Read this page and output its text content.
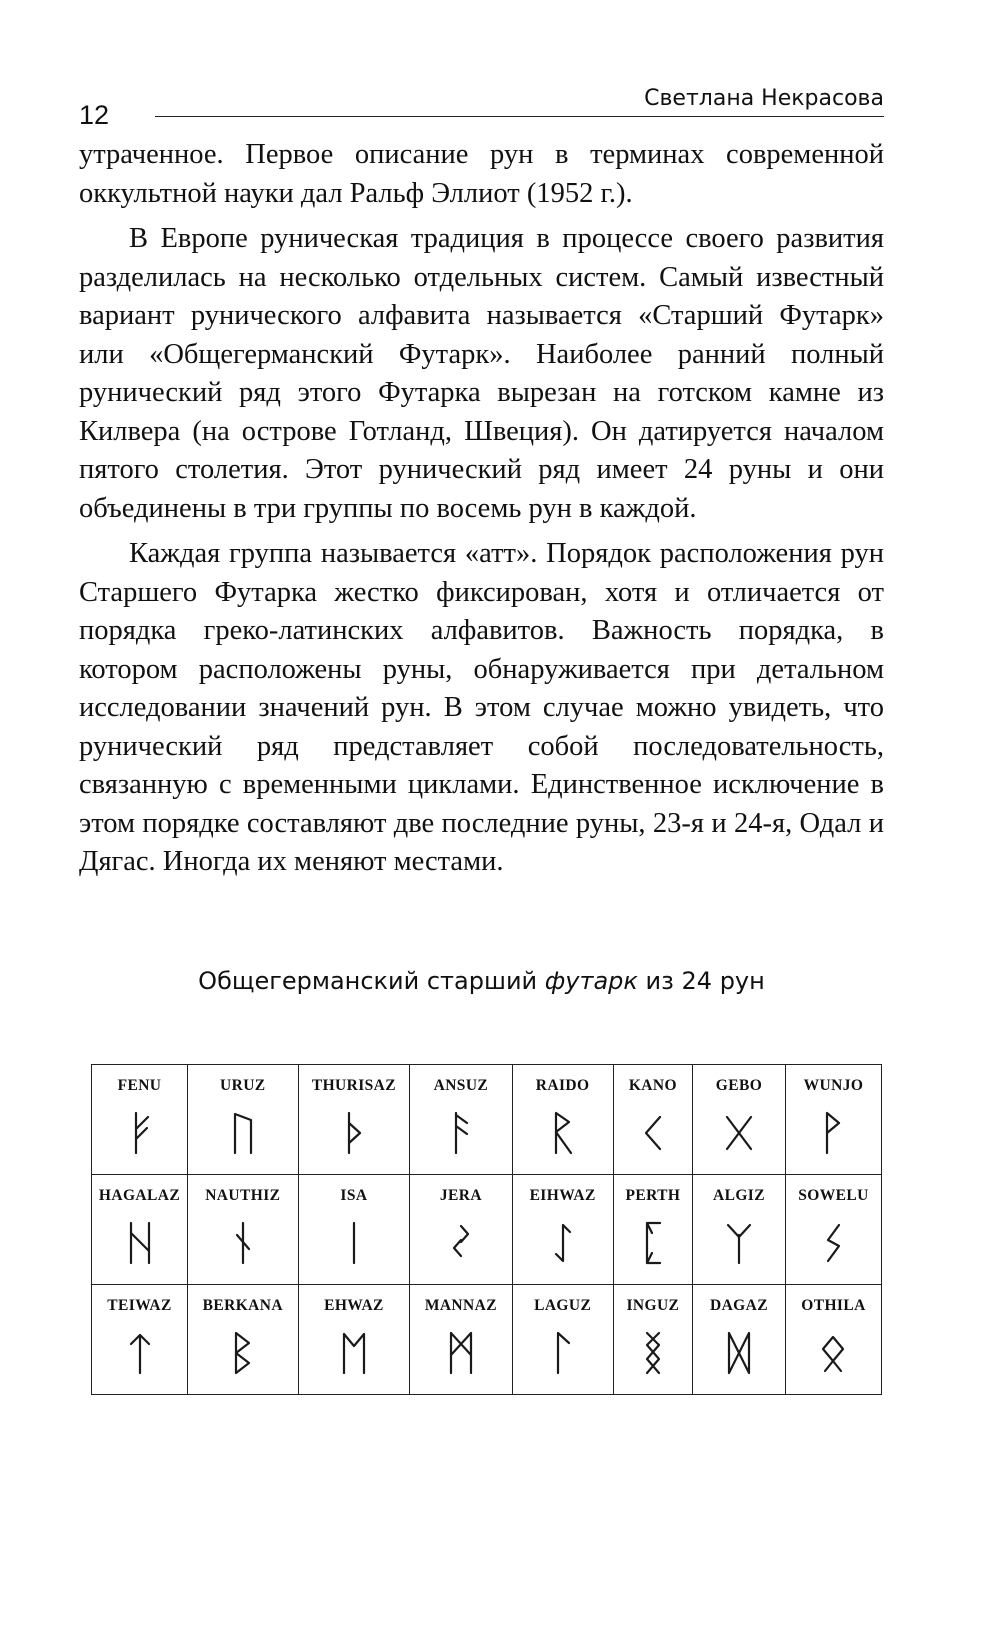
12
Светлана Некрасова

утраченное. Первое описание рун в терминах современной оккультной науки дал Ральф Эллиот (1952 г.).

В Европе руническая традиция в процессе своего развития разделилась на несколько отдельных систем. Самый известный вариант рунического алфавита называется «Старший Футарк» или «Общегерманский Футарк». Наиболее ранний полный рунический ряд этого Футарка вырезан на готском камне из Килвера (на острове Готланд, Швеция). Он датируется началом пятого столетия. Этот рунический ряд имеет 24 руны и они объединены в три группы по восемь рун в каждой.

Каждая группа называется «атт». Порядок расположения рун Старшего Футарка жестко фиксирован, хотя и отличается от порядка греко-латинских алфавитов. Важность порядка, в котором расположены руны, обнаруживается при детальном исследовании значений рун. В этом случае можно увидеть, что рунический ряд представляет собой последовательность, связанную с временными циклами. Единственное исключение в этом порядке составляют две последние руны, 23-я и 24-я, Одал и Дягас. Иногда их меняют местами.

Общегерманский старший футарк из 24 рун
FENU	URUZ	THURISAZ	ANSUZ	RAIDO	KANO	GEBO	WUNJO

HAGALAZ	NAUTHIZ	ISA	JERA	EIHWAZ	PERTH	ALGIZ	SOWELU

TEIWAZ	BERKANA	EHWAZ	MANNAZ	LAGUZ	INGUZ	DAGAZ	OTHILA
